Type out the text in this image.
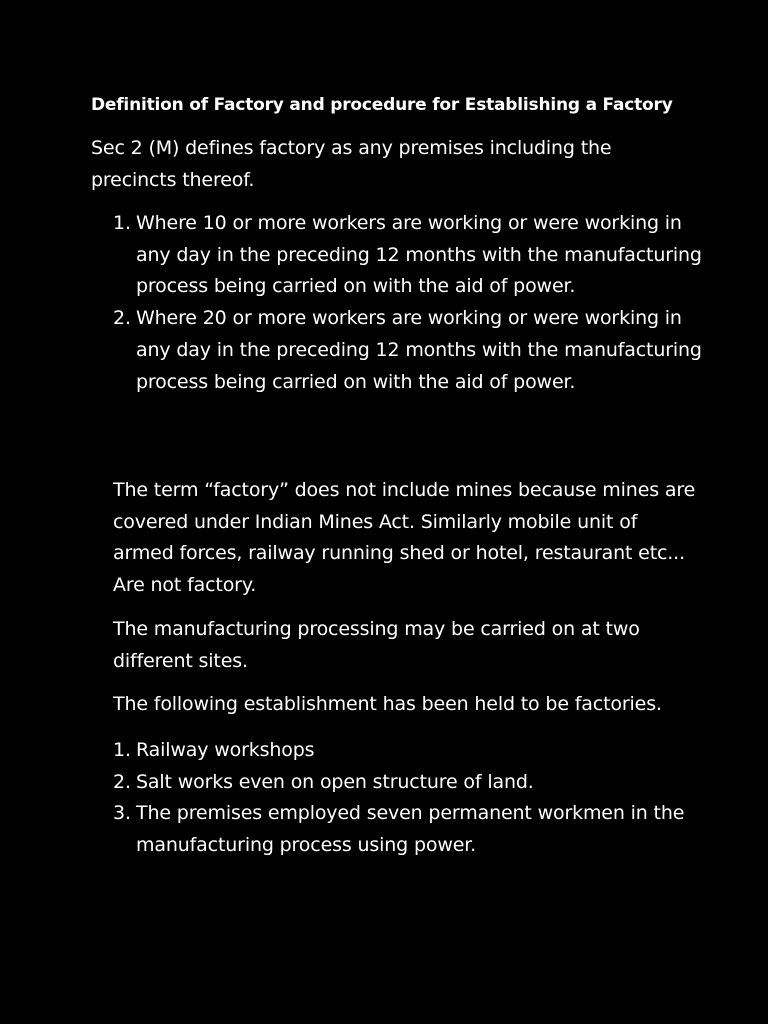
Definition of Factory and procedure for Establishing a Factory
Sec 2 (M) defines factory as any premises including the precincts thereof.
1. Where 10 or more workers are working or were working in any day in the preceding 12 months with the manufacturing process being carried on with the aid of power.
2. Where 20 or more workers are working or were working in any day in the preceding 12 months with the manufacturing process being carried on with the aid of power.
The term “factory” does not include mines because mines are covered under Indian Mines Act. Similarly mobile unit of armed forces, railway running shed or hotel, restaurant etc... Are not factory.
The manufacturing processing may be carried on at two different sites.
The following establishment has been held to be factories.
1. Railway workshops
2. Salt works even on open structure of land.
3. The premises employed seven permanent workmen in the manufacturing process using power.
